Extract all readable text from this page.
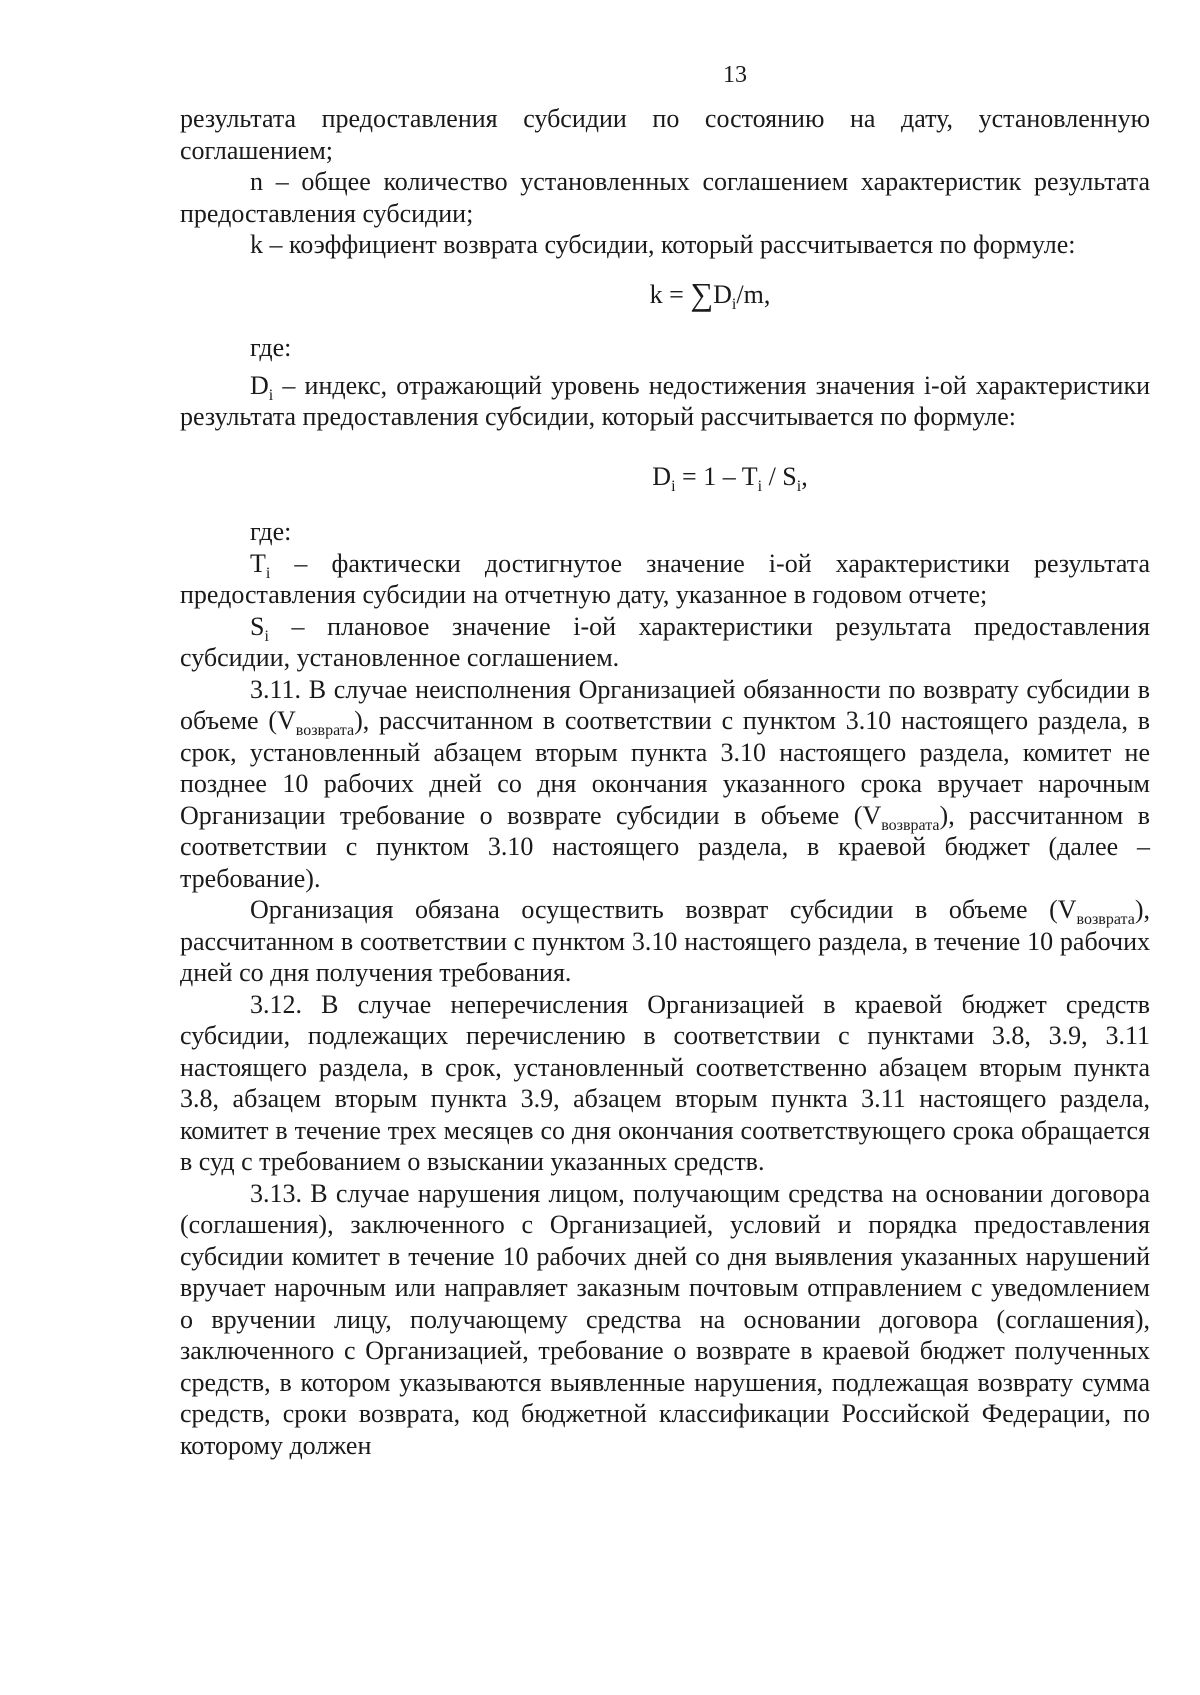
13

результата предоставления субсидии по состоянию на дату, установленную соглашением;

n – общее количество установленных соглашением характеристик результата предоставления субсидии;

k – коэффициент возврата субсидии, который рассчитывается по формуле:

$k = \sum D_i/m$,

где:

$D_i$ – индекс, отражающий уровень недостижения значения i-ой характеристики результата предоставления субсидии, который рассчитывается по формуле:

$D_i = 1 - T_i / S_i$,

где:

$T_i$ – фактически достигнутое значение i-ой характеристики результата предоставления субсидии на отчетную дату, указанное в годовом отчете;

$S_i$ – плановое значение i-ой характеристики результата предоставления субсидии, установленное соглашением.

3.11. В случае неисполнения Организацией обязанности по возврату субсидии в объеме $(V_{возврата})$, рассчитанном в соответствии с пунктом 3.10 настоящего раздела, в срок, установленный абзацем вторым пункта 3.10 настоящего раздела, комитет не позднее 10 рабочих дней со дня окончания указанного срока вручает нарочным Организации требование о возврате субсидии в объеме $(V_{возврата})$, рассчитанном в соответствии с пунктом 3.10 настоящего раздела, в краевой бюджет (далее – требование).

Организация обязана осуществить возврат субсидии в объеме $(V_{возврата})$, рассчитанном в соответствии с пунктом 3.10 настоящего раздела, в течение 10 рабочих дней со дня получения требования.

3.12. В случае неперечисления Организацией в краевой бюджет средств субсидии, подлежащих перечислению в соответствии с пунктами 3.8, 3.9, 3.11 настоящего раздела, в срок, установленный соответственно абзацем вторым пункта 3.8, абзацем вторым пункта 3.9, абзацем вторым пункта 3.11 настоящего раздела, комитет в течение трех месяцев со дня окончания соответствующего срока обращается в суд с требованием о взыскании указанных средств.

3.13. В случае нарушения лицом, получающим средства на основании договора (соглашения), заключенного с Организацией, условий и порядка предоставления субсидии комитет в течение 10 рабочих дней со дня выявления указанных нарушений вручает нарочным или направляет заказным почтовым отправлением с уведомлением о вручении лицу, получающему средства на основании договора (соглашения), заключенного с Организацией, требование о возврате в краевой бюджет полученных средств, в котором указываются выявленные нарушения, подлежащая возврату сумма средств, сроки возврата, код бюджетной классификации Российской Федерации, по которому должен
